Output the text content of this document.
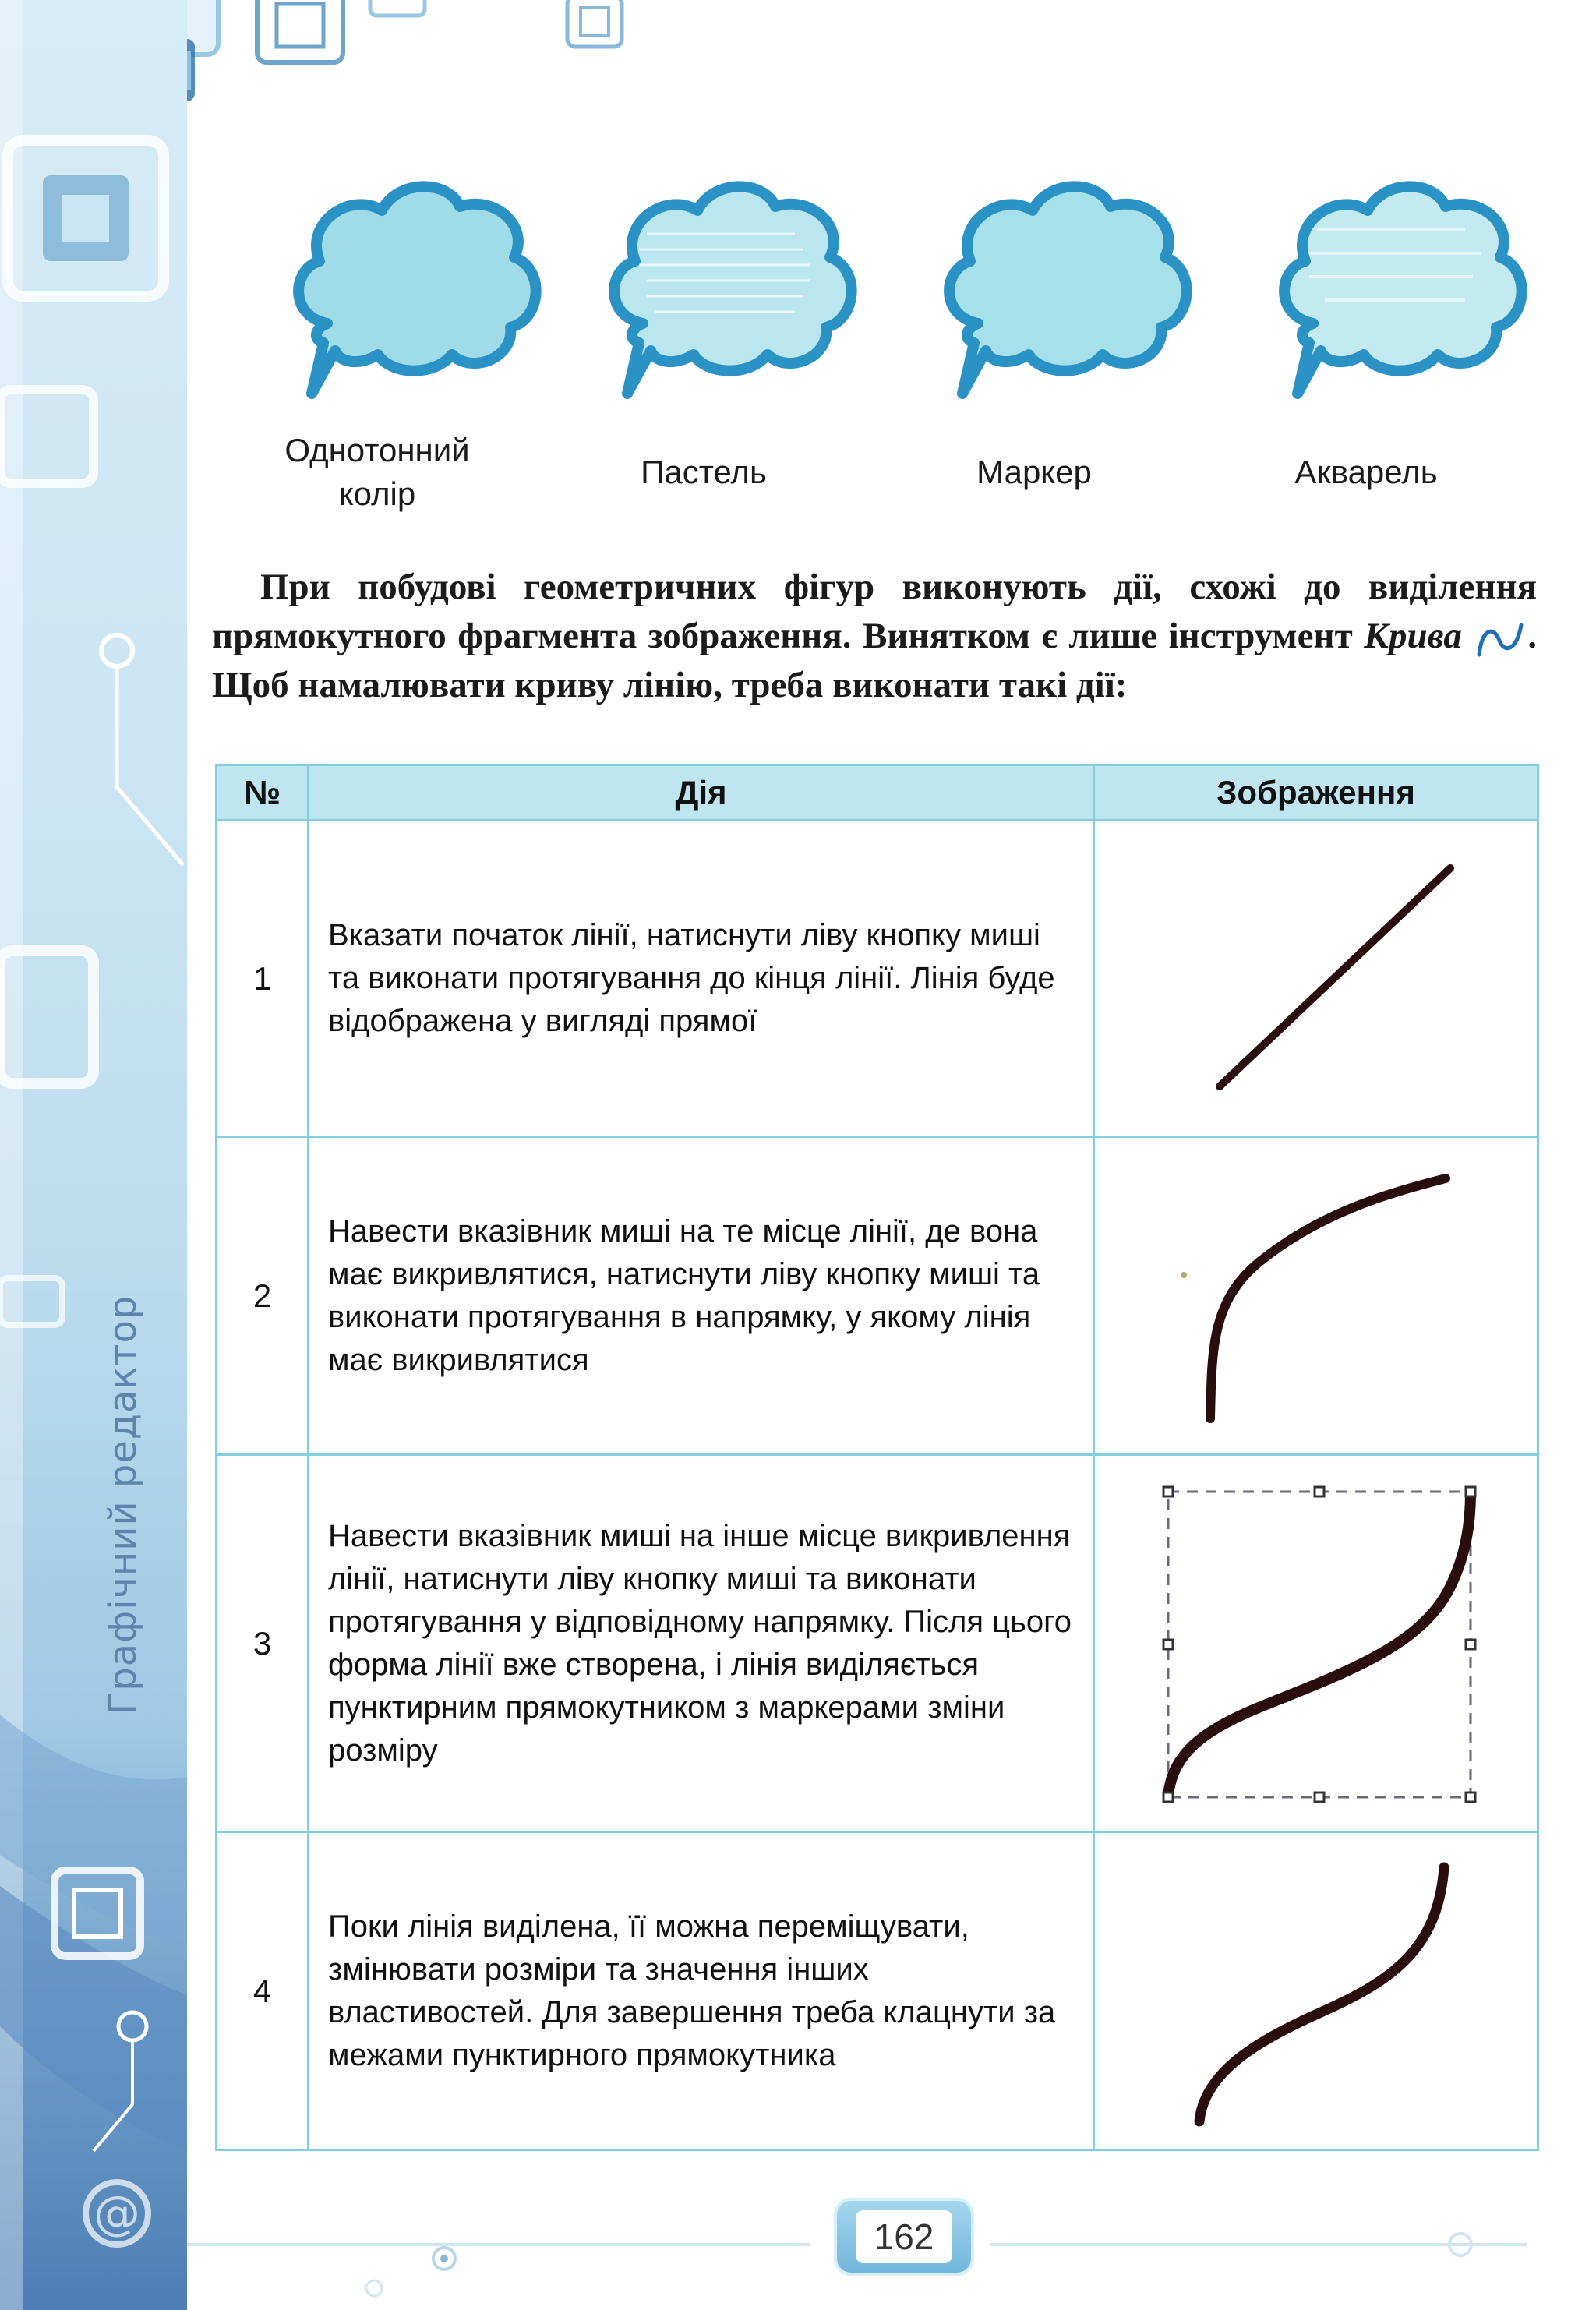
@
Графічний редактор
Однотонний
колір
Пастель	Маркер	Акварель
При побудові геометричних фігур виконують дії, схожі до виділення прямокутного фрагмента зображення. Винятком є лише інструмент Крива . Щоб намалювати криву лінію, треба виконати такі дії:
№	Дія	Зображення
1	Вказати початок лінії, натиснути ліву кнопку миші та виконати протягування до кінця лінії. Лінія буде відображена у вигляді прямої	

2	Навести вказівник миші на те місце лінії, де вона має викривлятися, натиснути ліву кнопку миші та виконати протягування в напрямку, у якому лінія має викривлятися	

3	Навести вказівник миші на інше місце викривлення лінії, натиснути ліву кнопку миші та виконати протягування у відповідному напрямку. Після цього форма лінії вже створена, і лінія виділяється пунктирним прямокутником з маркерами зміни розміру	

4	Поки лінія виділена, її можна переміщувати, змінювати розміри та значення інших властивостей. Для завершення треба клацнути за межами пунктирного прямокутника	
162
